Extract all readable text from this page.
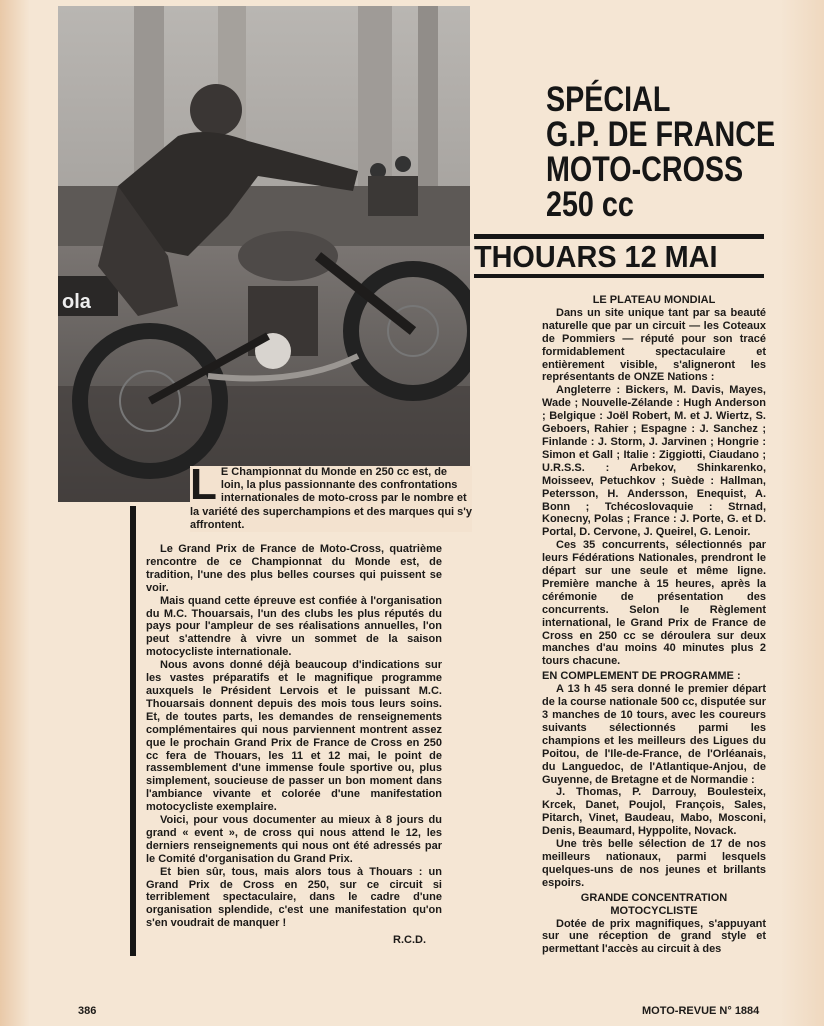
ola
SPÉCIAL
G.P. DE FRANCE
MOTO-CROSS
250 cc
THOUARS 12 MAI
L E Championnat du Monde en 250 cc est, de loin, la plus passionnante des confrontations internationales de moto-cross par le nombre et la variété des superchampions et des marques qui s'y affrontent.

Le Grand Prix de France de Moto-Cross, quatrième rencontre de ce Championnat du Monde est, de tradition, l'une des plus belles courses qui puissent se voir.

Mais quand cette épreuve est confiée à l'organisation du M.C. Thouarsais, l'un des clubs les plus réputés du pays pour l'ampleur de ses réalisations annuelles, l'on peut s'attendre à vivre un sommet de la saison motocycliste internationale.

Nous avons donné déjà beaucoup d'indications sur les vastes préparatifs et le magnifique programme auxquels le Président Lervois et le puissant M.C. Thouarsais donnent depuis des mois tous leurs soins. Et, de toutes parts, les demandes de renseignements complémentaires qui nous parviennent montrent assez que le prochain Grand Prix de France de Cross en 250 cc fera de Thouars, les 11 et 12 mai, le point de rassemblement d'une immense foule sportive ou, plus simplement, soucieuse de passer un bon moment dans l'ambiance vivante et colorée d'une manifestation motocycliste exemplaire.

Voici, pour vous documenter au mieux à 8 jours du grand « event », de cross qui nous attend le 12, les derniers renseignements qui nous ont été adressés par le Comité d'organisation du Grand Prix.

Et bien sûr, tous, mais alors tous à Thouars : un Grand Prix de Cross en 250, sur ce circuit si terriblement spectaculaire, dans le cadre d'une organisation splendide, c'est une manifestation qu'on s'en voudrait de manquer !

R.C.D.

LE PLATEAU MONDIAL

Dans un site unique tant par sa beauté naturelle que par un circuit — les Coteaux de Pommiers — réputé pour son tracé formidablement spectaculaire et entièrement visible, s'aligneront les représentants de ONZE Nations :

Angleterre : Bickers, M. Davis, Mayes, Wade ; Nouvelle-Zélande : Hugh Anderson ; Belgique : Joël Robert, M. et J. Wiertz, S. Geboers, Rahier ; Espagne : J. Sanchez ; Finlande : J. Storm, J. Jarvinen ; Hongrie : Simon et Gall ; Italie : Ziggiotti, Ciaudano ; U.R.S.S. : Arbekov, Shinkarenko, Moisseev, Petuchkov ; Suède : Hallman, Petersson, H. Andersson, Enequist, A. Bonn ; Tchécoslovaquie : Strnad, Konecny, Polas ; France : J. Porte, G. et D. Portal, D. Cervone, J. Queirel, G. Lenoir.

Ces 35 concurrents, sélectionnés par leurs Fédérations Nationales, prendront le départ sur une seule et même ligne. Première manche à 15 heures, après la cérémonie de présentation des concurrents. Selon le Règlement international, le Grand Prix de France de Cross en 250 cc se déroulera sur deux manches d'au moins 40 minutes plus 2 tours chacune.

EN COMPLEMENT DE PROGRAMME :

A 13 h 45 sera donné le premier départ de la course nationale 500 cc, disputée sur 3 manches de 10 tours, avec les coureurs suivants sélectionnés parmi les champions et les meilleurs des Ligues du Poitou, de l'Ile-de-France, de l'Orléanais, du Languedoc, de l'Atlantique-Anjou, de Guyenne, de Bretagne et de Normandie :

J. Thomas, P. Darrouy, Boulesteix, Krcek, Danet, Poujol, François, Sales, Pitarch, Vinet, Baudeau, Mabo, Mosconi, Denis, Beaumard, Hyppolite, Novack.

Une très belle sélection de 17 de nos meilleurs nationaux, parmi lesquels quelques-uns de nos jeunes et brillants espoirs.

GRANDE CONCENTRATION MOTOCYCLISTE

Dotée de prix magnifiques, s'appuyant sur une réception de grand style et permettant l'accès au circuit à des

386	MOTO-REVUE N° 1884
